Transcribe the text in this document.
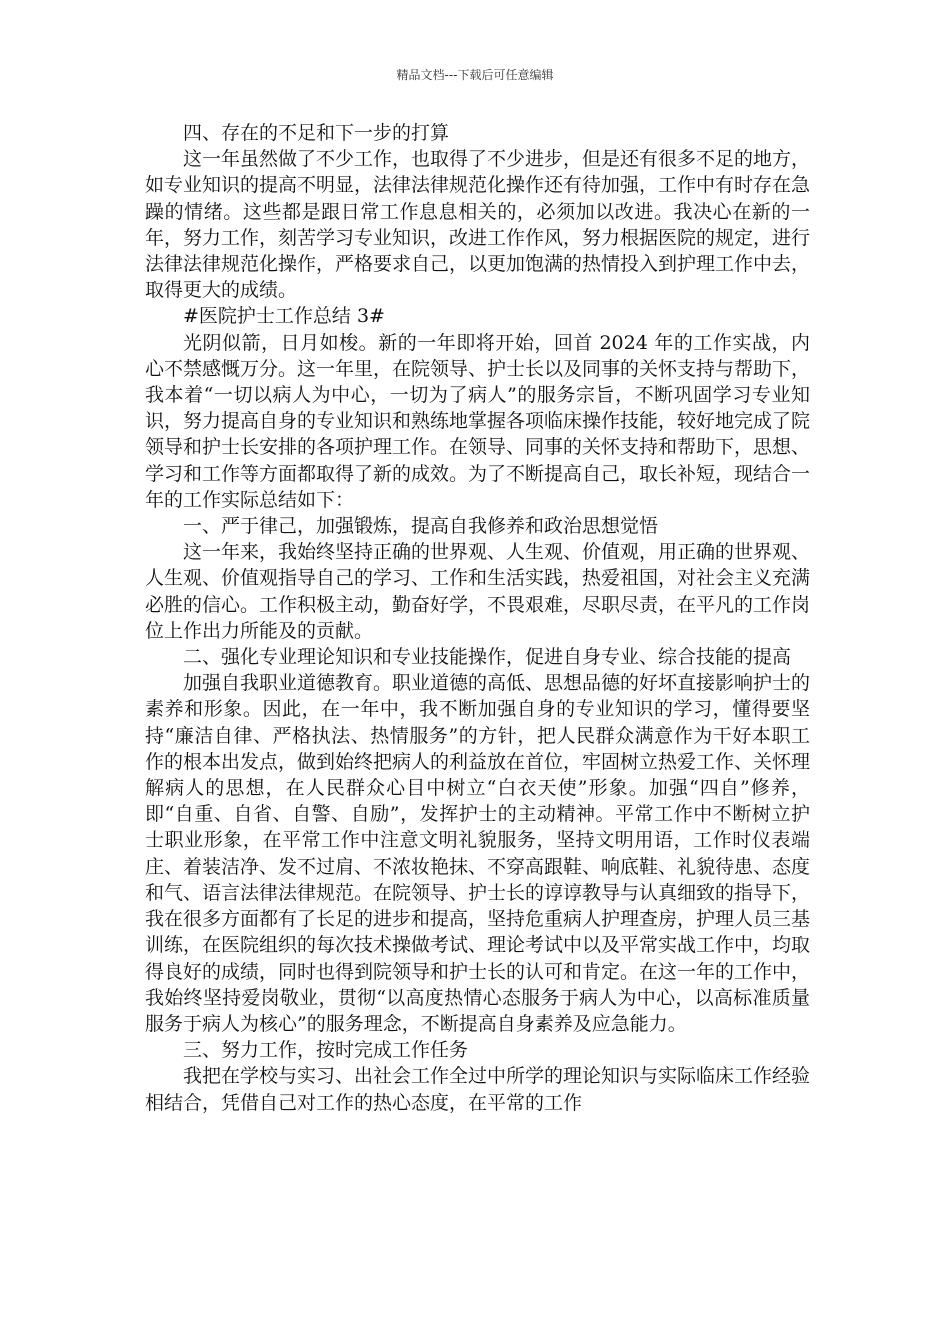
精品文档---下载后可任意编辑

四、存在的不足和下一步的打算

这一年虽然做了不少工作，也取得了不少进步，但是还有很多不足的地方，如专业知识的提高不明显，法律法律规范化操作还有待加强，工作中有时存在急躁的情绪。这些都是跟日常工作息息相关的，必须加以改进。我决心在新的一年，努力工作，刻苦学习专业知识，改进工作作风，努力根据医院的规定，进行法律法律规范化操作，严格要求自己，以更加饱满的热情投入到护理工作中去，取得更大的成绩。

#医院护士工作总结 3#

光阴似箭，日月如梭。新的一年即将开始，回首 2024 年的工作实战，内心不禁感慨万分。这一年里，在院领导、护士长以及同事的关怀支持与帮助下，我本着“一切以病人为中心，一切为了病人”的服务宗旨，不断巩固学习专业知识，努力提高自身的专业知识和熟练地掌握各项临床操作技能，较好地完成了院领导和护士长安排的各项护理工作。在领导、同事的关怀支持和帮助下，思想、学习和工作等方面都取得了新的成效。为了不断提高自己，取长补短，现结合一年的工作实际总结如下：

一、严于律己，加强锻炼，提高自我修养和政治思想觉悟

这一年来，我始终坚持正确的世界观、人生观、价值观，用正确的世界观、人生观、价值观指导自己的学习、工作和生活实践，热爱祖国，对社会主义充满必胜的信心。工作积极主动，勤奋好学，不畏艰难，尽职尽责，在平凡的工作岗位上作出力所能及的贡献。

二、强化专业理论知识和专业技能操作，促进自身专业、综合技能的提高

加强自我职业道德教育。职业道德的高低、思想品德的好坏直接影响护士的素养和形象。因此，在一年中，我不断加强自身的专业知识的学习，懂得要坚持“廉洁自律、严格执法、热情服务”的方针，把人民群众满意作为干好本职工作的根本出发点，做到始终把病人的利益放在首位，牢固树立热爱工作、关怀理解病人的思想，在人民群众心目中树立“白衣天使”形象。加强“四自”修养，即“自重、自省、自警、自励”，发挥护士的主动精神。平常工作中不断树立护士职业形象，在平常工作中注意文明礼貌服务，坚持文明用语，工作时仪表端庄、着装洁净、发不过肩、不浓妆艳抹、不穿高跟鞋、响底鞋、礼貌待患、态度和气、语言法律法律规范。在院领导、护士长的谆谆教导与认真细致的指导下，我在很多方面都有了长足的进步和提高，坚持危重病人护理查房，护理人员三基训练，在医院组织的每次技术操做考试、理论考试中以及平常实战工作中，均取得良好的成绩，同时也得到院领导和护士长的认可和肯定。在这一年的工作中，我始终坚持爱岗敬业，贯彻“以高度热情心态服务于病人为中心，以高标准质量服务于病人为核心”的服务理念，不断提高自身素养及应急能力。

三、努力工作，按时完成工作任务

我把在学校与实习、出社会工作全过中所学的理论知识与实际临床工作经验相结合，凭借自己对工作的热心态度，在平常的工作
